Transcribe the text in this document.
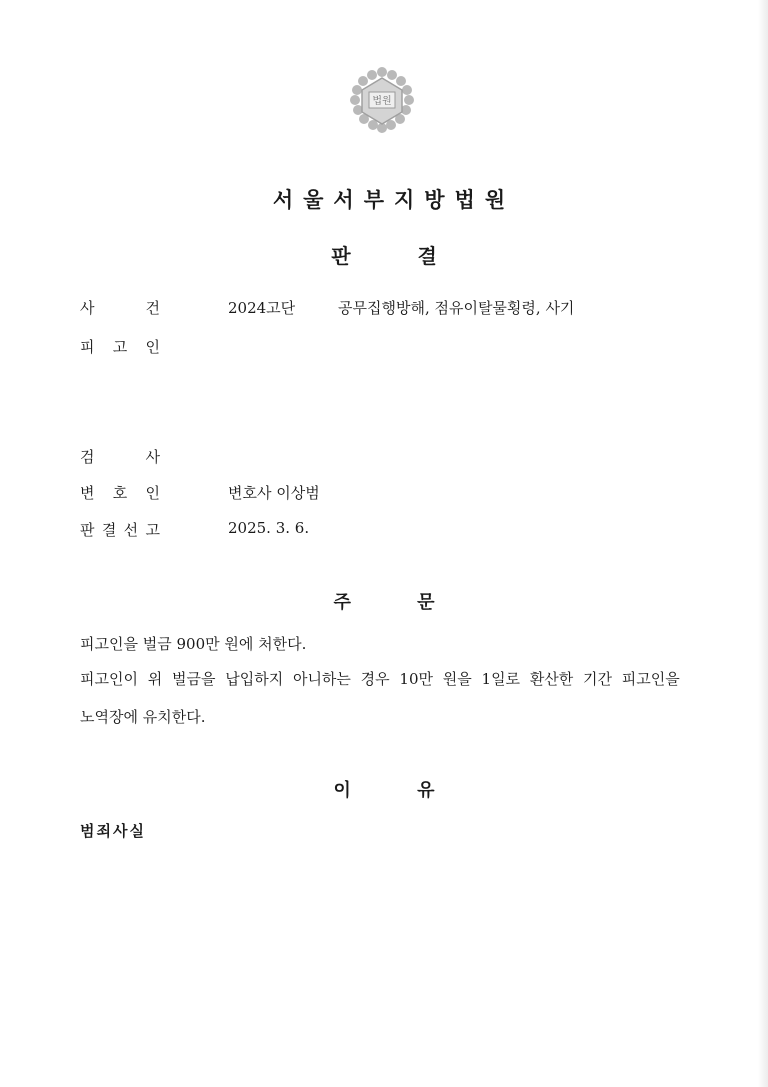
법원
서울서부지방법원
판 결
사	건	2024고단	공무집행방해, 점유이탈물횡령, 사기
피 고 인
검	사
변 호 인	변호사 이상범
판 결 선 고	2025. 3. 6.
주 문
피고인을 벌금 900만 원에 처한다.
피고인이 위 벌금을 납입하지 아니하는 경우 10만 원을 1일로 환산한 기간 피고인을
노역장에 유치한다.
이 유
범죄사실
